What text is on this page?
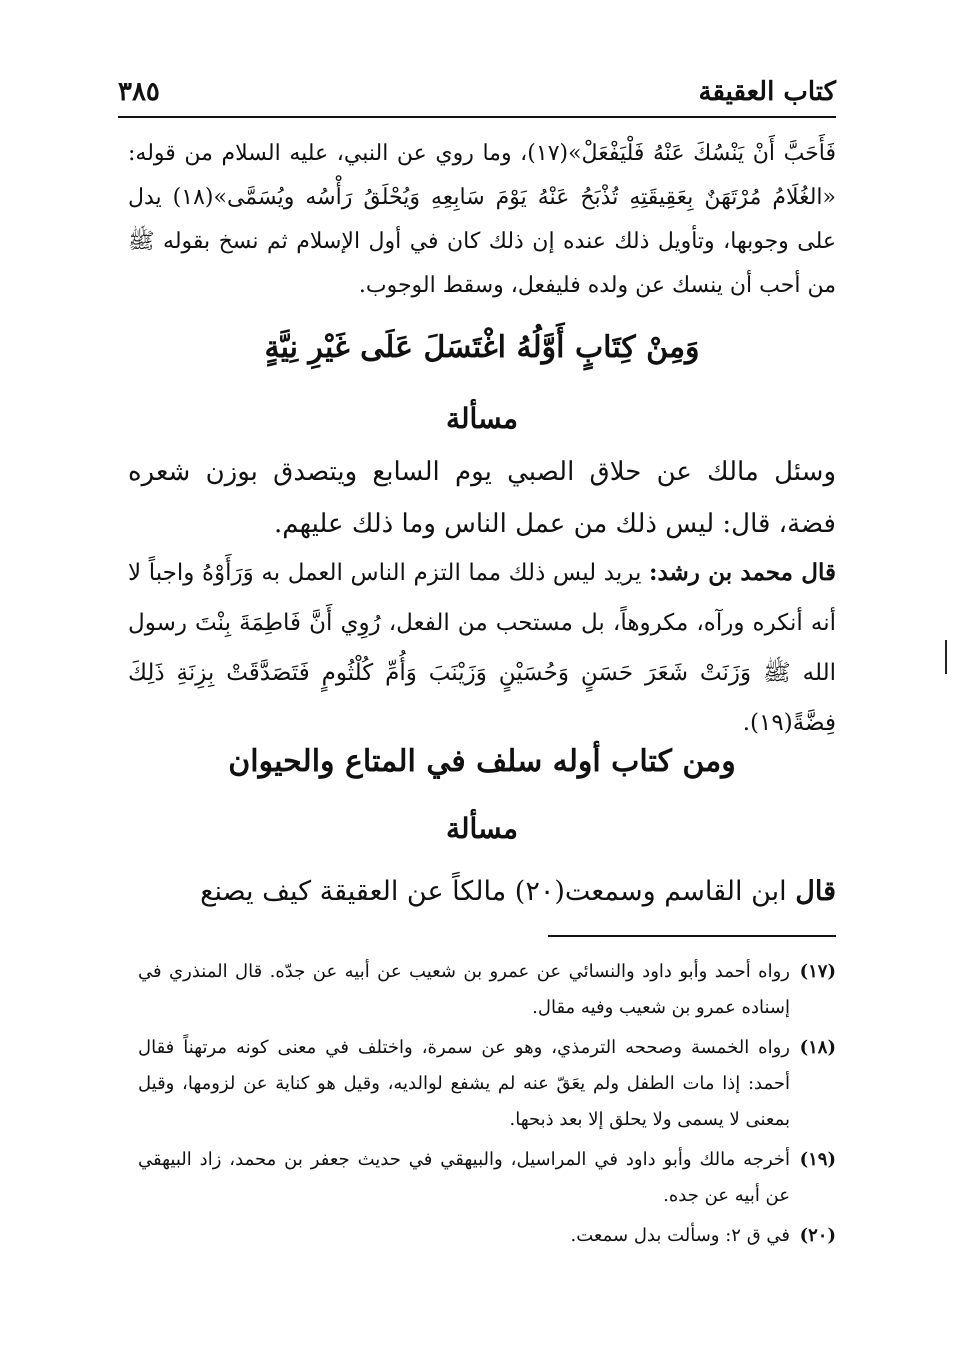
كتاب العقيقة
٣٨٥
فَأَحَبَّ أَنْ يَنْسُكَ عَنْهُ فَلْيَفْعَلْ»(١٧)، وما روي عن النبي، عليه السلام من قوله: «الغُلَامُ مُرْتَهَنٌ بِعَقِيقَتِهِ تُذْبَحُ عَنْهُ يَوْمَ سَابِعِهِ وَيُحْلَقُ رَأْسُه ويُسَمَّى»(١٨) يدل على وجوبها، وتأويل ذلك عنده إن ذلك كان في أول الإسلام ثم نسخ بقوله ﷺ من أحب أن ينسك عن ولده فليفعل، وسقط الوجوب.
وَمِنْ كِتَابٍ أَوَّلُهُ اغْتَسَلَ عَلَى غَيْرِ نِيَّةٍ
مسألة
وسئل مالك عن حلاق الصبي يوم السابع ويتصدق بوزن شعره فضة، قال: ليس ذلك من عمل الناس وما ذلك عليهم.
قال محمد بن رشد: يريد ليس ذلك مما التزم الناس العمل به وَرَأَوْهُ واجباً لا أنه أنكره ورآه، مكروهاً، بل مستحب من الفعل، رُوِي أَنَّ فَاطِمَةَ بِنْتَ رسول الله ﷺ وَزَنَتْ شَعَرَ حَسَنٍ وَحُسَيْنٍ وَزَيْنَبَ وَأُمِّ كُلْثُومٍ فَتَصَدَّقَتْ بِزِنَةِ ذَلِكَ فِضَّةً(١٩).
ومن كتاب أوله سلف في المتاع والحيوان
مسألة
قال ابن القاسم وسمعت(٢٠) مالكاً عن العقيقة كيف يصنع
(١٧)
رواه أحمد وأبو داود والنسائي عن عمرو بن شعيب عن أبيه عن جدّه. قال المنذري في إسناده عمرو بن شعيب وفيه مقال.
(١٨)
رواه الخمسة وصححه الترمذي، وهو عن سمرة، واختلف في معنى كونه مرتهناً فقال أحمد: إذا مات الطفل ولم يعَقّ عنه لم يشفع لوالديه، وقيل هو كناية عن لزومها، وقيل بمعنى لا يسمى ولا يحلق إلا بعد ذبحها.
(١٩)
أخرجه مالك وأبو داود في المراسيل، والبيهقي في حديث جعفر بن محمد، زاد البيهقي عن أبيه عن جده.
(٢٠)
في ق ٢: وسألت بدل سمعت.
